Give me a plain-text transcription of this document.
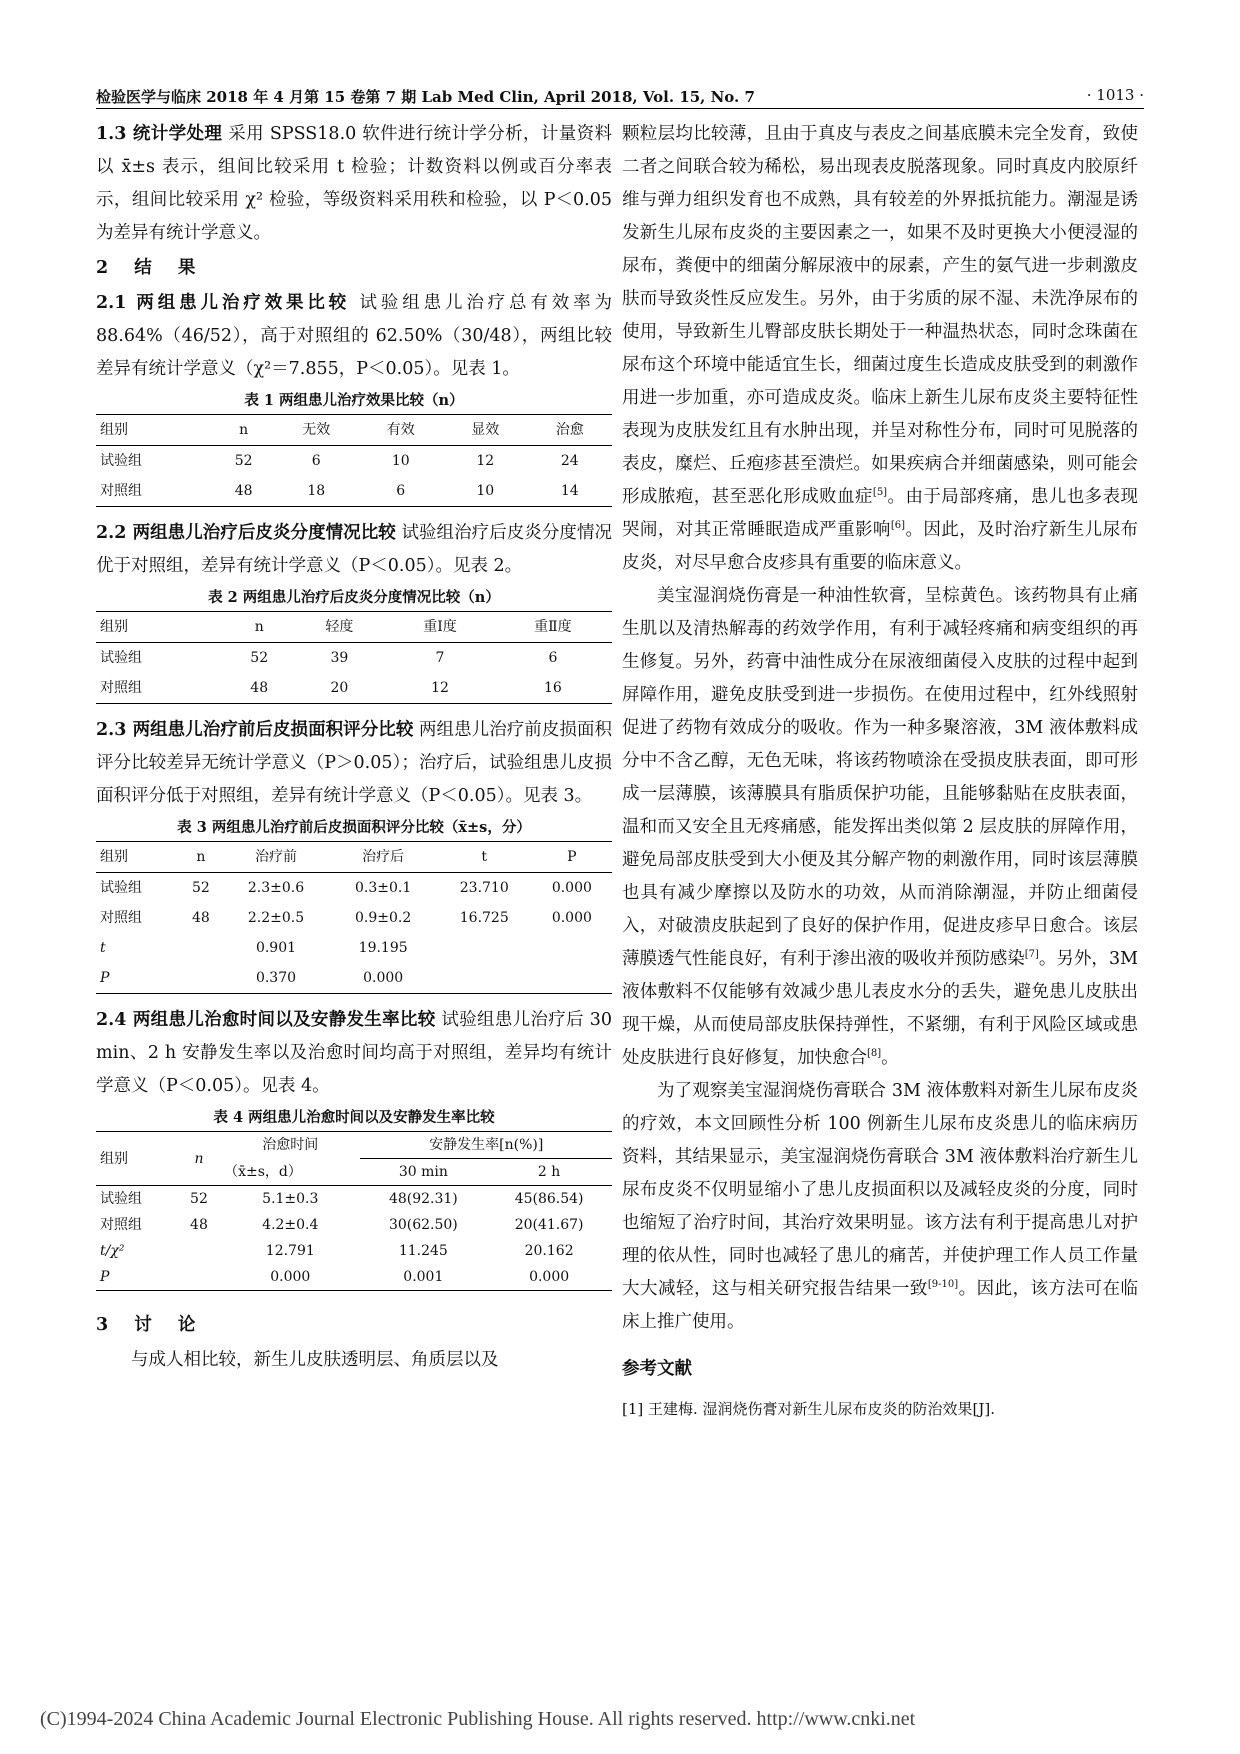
检验医学与临床 2018 年 4 月第 15 卷第 7 期 Lab Med Clin, April 2018, Vol. 15, No. 7	· 1013 ·

1.3 统计学处理 采用 SPSS18.0 软件进行统计学分析，计量资料以 x̄±s 表示，组间比较采用 t 检验；计数资料以例或百分率表示，组间比较采用 χ² 检验，等级资料采用秩和检验，以 P＜0.05 为差异有统计学意义。

2 结 果

2.1 两组患儿治疗效果比较 试验组患儿治疗总有效率为 88.64%（46/52），高于对照组的 62.50%（30/48），两组比较差异有统计学意义（χ²＝7.855，P＜0.05）。见表 1。

表 1 两组患儿治疗效果比较（n）

组别	n	无效	有效	显效	治愈
试验组	52	6	10	12	24
对照组	48	18	6	10	14

2.2 两组患儿治疗后皮炎分度情况比较 试验组治疗后皮炎分度情况优于对照组，差异有统计学意义（P＜0.05）。见表 2。

表 2 两组患儿治疗后皮炎分度情况比较（n）

组别	n	轻度	重Ⅰ度	重Ⅱ度
试验组	52	39	7	6
对照组	48	20	12	16

2.3 两组患儿治疗前后皮损面积评分比较 两组患儿治疗前皮损面积评分比较差异无统计学意义（P＞0.05）；治疗后，试验组患儿皮损面积评分低于对照组，差异有统计学意义（P＜0.05）。见表 3。

表 3 两组患儿治疗前后皮损面积评分比较（x̄±s，分）

组别	n	治疗前	治疗后	t	P
试验组	52	2.3±0.6	0.3±0.1	23.710	0.000
对照组	48	2.2±0.5	0.9±0.2	16.725	0.000
t		0.901	19.195		
P		0.370	0.000		

2.4 两组患儿治愈时间以及安静发生率比较 试验组患儿治疗后 30 min、2 h 安静发生率以及治愈时间均高于对照组，差异均有统计学意义（P＜0.05）。见表 4。

表 4 两组患儿治愈时间以及安静发生率比较

组别	n	治愈时间	安静发生率[n(%)]	
		（x̄±s，d）	30 min	2 h
试验组	52	5.1±0.3	48(92.31)	45(86.54)
对照组	48	4.2±0.4	30(62.50)	20(41.67)
t/χ²		12.791	11.245	20.162
P		0.000	0.001	0.000

3 讨 论

与成人相比较，新生儿皮肤透明层、角质层以及

颗粒层均比较薄，且由于真皮与表皮之间基底膜未完全发育，致使二者之间联合较为稀松，易出现表皮脱落现象。同时真皮内胶原纤维与弹力组织发育也不成熟，具有较差的外界抵抗能力。潮湿是诱发新生儿尿布皮炎的主要因素之一，如果不及时更换大小便浸湿的尿布，粪便中的细菌分解尿液中的尿素，产生的氨气进一步刺激皮肤而导致炎性反应发生。另外，由于劣质的尿不湿、未洗净尿布的使用，导致新生儿臀部皮肤长期处于一种温热状态，同时念珠菌在尿布这个环境中能适宜生长，细菌过度生长造成皮肤受到的刺激作用进一步加重，亦可造成皮炎。临床上新生儿尿布皮炎主要特征性表现为皮肤发红且有水肿出现，并呈对称性分布，同时可见脱落的表皮，糜烂、丘疱疹甚至溃烂。如果疾病合并细菌感染，则可能会形成脓疱，甚至恶化形成败血症[5]。由于局部疼痛，患儿也多表现哭闹，对其正常睡眠造成严重影响[6]。因此，及时治疗新生儿尿布皮炎，对尽早愈合皮疹具有重要的临床意义。

美宝湿润烧伤膏是一种油性软膏，呈棕黄色。该药物具有止痛生肌以及清热解毒的药效学作用，有利于减轻疼痛和病变组织的再生修复。另外，药膏中油性成分在尿液细菌侵入皮肤的过程中起到屏障作用，避免皮肤受到进一步损伤。在使用过程中，红外线照射促进了药物有效成分的吸收。作为一种多聚溶液，3M 液体敷料成分中不含乙醇，无色无味，将该药物喷涂在受损皮肤表面，即可形成一层薄膜，该薄膜具有脂质保护功能，且能够黏贴在皮肤表面，温和而又安全且无疼痛感，能发挥出类似第 2 层皮肤的屏障作用，避免局部皮肤受到大小便及其分解产物的刺激作用，同时该层薄膜也具有减少摩擦以及防水的功效，从而消除潮湿，并防止细菌侵入，对破溃皮肤起到了良好的保护作用，促进皮疹早日愈合。该层薄膜透气性能良好，有利于渗出液的吸收并预防感染[7]。另外，3M 液体敷料不仅能够有效减少患儿表皮水分的丢失，避免患儿皮肤出现干燥，从而使局部皮肤保持弹性，不紧绷，有利于风险区域或患处皮肤进行良好修复，加快愈合[8]。

为了观察美宝湿润烧伤膏联合 3M 液体敷料对新生儿尿布皮炎的疗效，本文回顾性分析 100 例新生儿尿布皮炎患儿的临床病历资料，其结果显示，美宝湿润烧伤膏联合 3M 液体敷料治疗新生儿尿布皮炎不仅明显缩小了患儿皮损面积以及减轻皮炎的分度，同时也缩短了治疗时间，其治疗效果明显。该方法有利于提高患儿对护理的依从性，同时也减轻了患儿的痛苦，并使护理工作人员工作量大大减轻，这与相关研究报告结果一致[9-10]。因此，该方法可在临床上推广使用。

参考文献

[1] 王建梅. 湿润烧伤膏对新生儿尿布皮炎的防治效果[J].

(C)1994-2024 China Academic Journal Electronic Publishing House. All rights reserved. http://www.cnki.net
